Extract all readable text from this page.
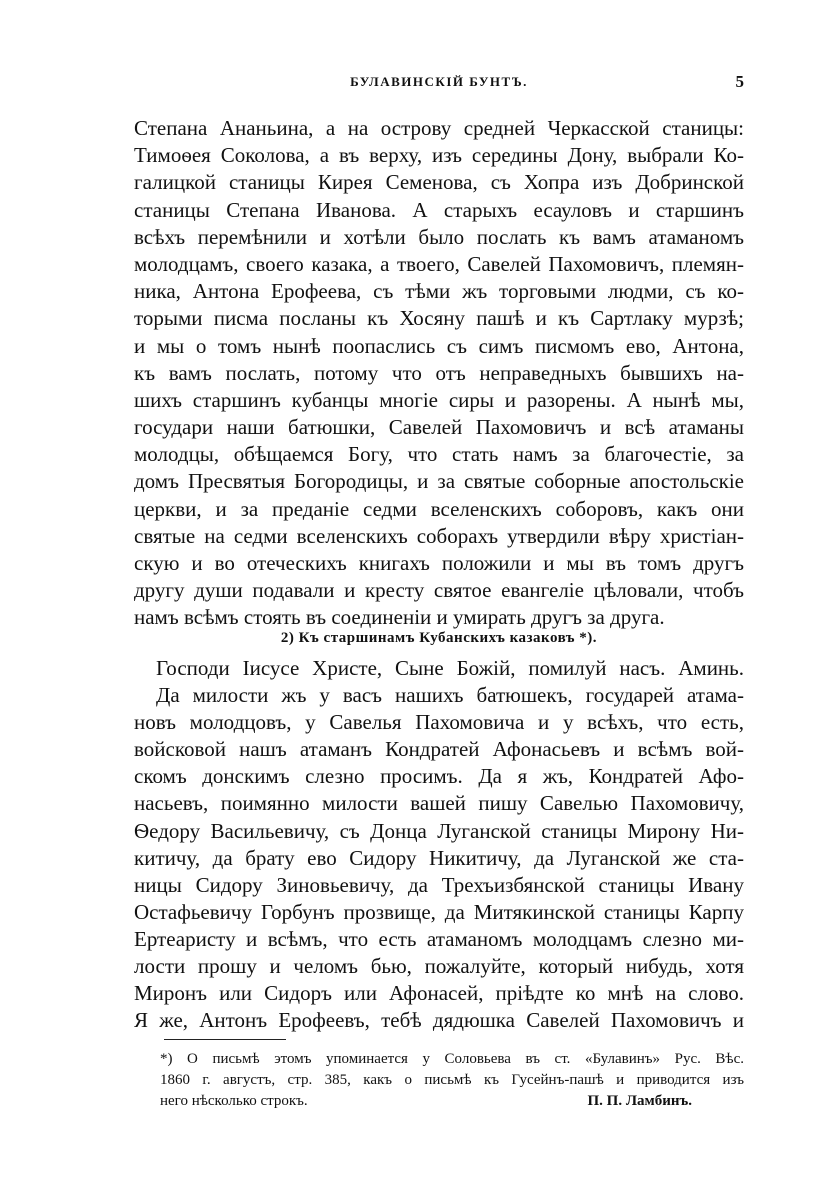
БУЛАВИНСКІЙ БУНТЪ.	5
Степана Ананьина, а на острову средней Черкасской станицы:
Тимоѳея Соколова, а въ верху, изъ середины Дону, выбрали Ко-
галицкой станицы Кирея Семенова, съ Хопра изъ Добринской
станицы Степана Иванова. А старыхъ есауловъ и старшинъ
всѣхъ перемѣнили и хотѣли было послать къ вамъ атаманомъ
молодцамъ, своего казака, а твоего, Савелей Пахомовичъ, племян-
ника, Антона Ерофеева, съ тѣми жъ торговыми людми, съ ко-
торыми писма посланы къ Хосяну пашѣ и къ Сартлаку мурзѣ;
и мы о томъ нынѣ поопаслись съ симъ писмомъ ево, Антона,
къ вамъ послать, потому что отъ неправедныхъ бывшихъ на-
шихъ старшинъ кубанцы многіе сиры и разорены. А нынѣ мы,
государи наши батюшки, Савелей Пахомовичъ и всѣ атаманы
молодцы, обѣщаемся Богу, что стать намъ за благочестіе, за
домъ Пресвятыя Богородицы, и за святые соборные апостольскіе
церкви, и за преданіе седми вселенскихъ соборовъ, какъ они
святые на седми вселенскихъ соборахъ утвердили вѣру христіан-
скую и во отеческихъ книгахъ положили и мы въ томъ другъ
другу души подавали и кресту святое евангеліе цѣловали, чтобъ
намъ всѣмъ стоять въ соединеніи и умирать другъ за друга.
2) Къ старшинамъ Кубанскихъ казаковъ *).
Господи Іисусе Христе, Сыне Божій, помилуй насъ. Аминь.
Да милости жъ у васъ нашихъ батюшекъ, государей атама-
новъ молодцовъ, у Савелья Пахомовича и у всѣхъ, что есть,
войсковой нашъ атаманъ Кондратей Афонасьевъ и всѣмъ вой-
скомъ донскимъ слезно просимъ. Да я жъ, Кондратей Афо-
насьевъ, поимянно милости вашей пишу Савелью Пахомовичу,
Ѳедору Васильевичу, съ Донца Луганской станицы Мирону Ни-
китичу, да брату ево Сидору Никитичу, да Луганской же ста-
ницы Сидору Зиновьевичу, да Трехъизбянской станицы Ивану
Остафьевичу Горбунъ прозвище, да Митякинской станицы Карпу
Ертеаристу и всѣмъ, что есть атаманомъ молодцамъ слезно ми-
лости прошу и челомъ бью, пожалуйте, который нибудь, хотя
Миронъ или Сидоръ или Афонасей, пріѣдте ко мнѣ на слово.
Я же, Антонъ Ерофеевъ, тебѣ дядюшка Савелей Пахомовичъ и
*) О письмѣ этомъ упоминается у Соловьева въ ст. «Булавинъ» Рус. Вѣс.
1860 г. августъ, стр. 385, какъ о письмѣ къ Гусейнъ-пашѣ и приводится изъ
него нѣсколько строкъ.	П. П. Ламбинъ.
